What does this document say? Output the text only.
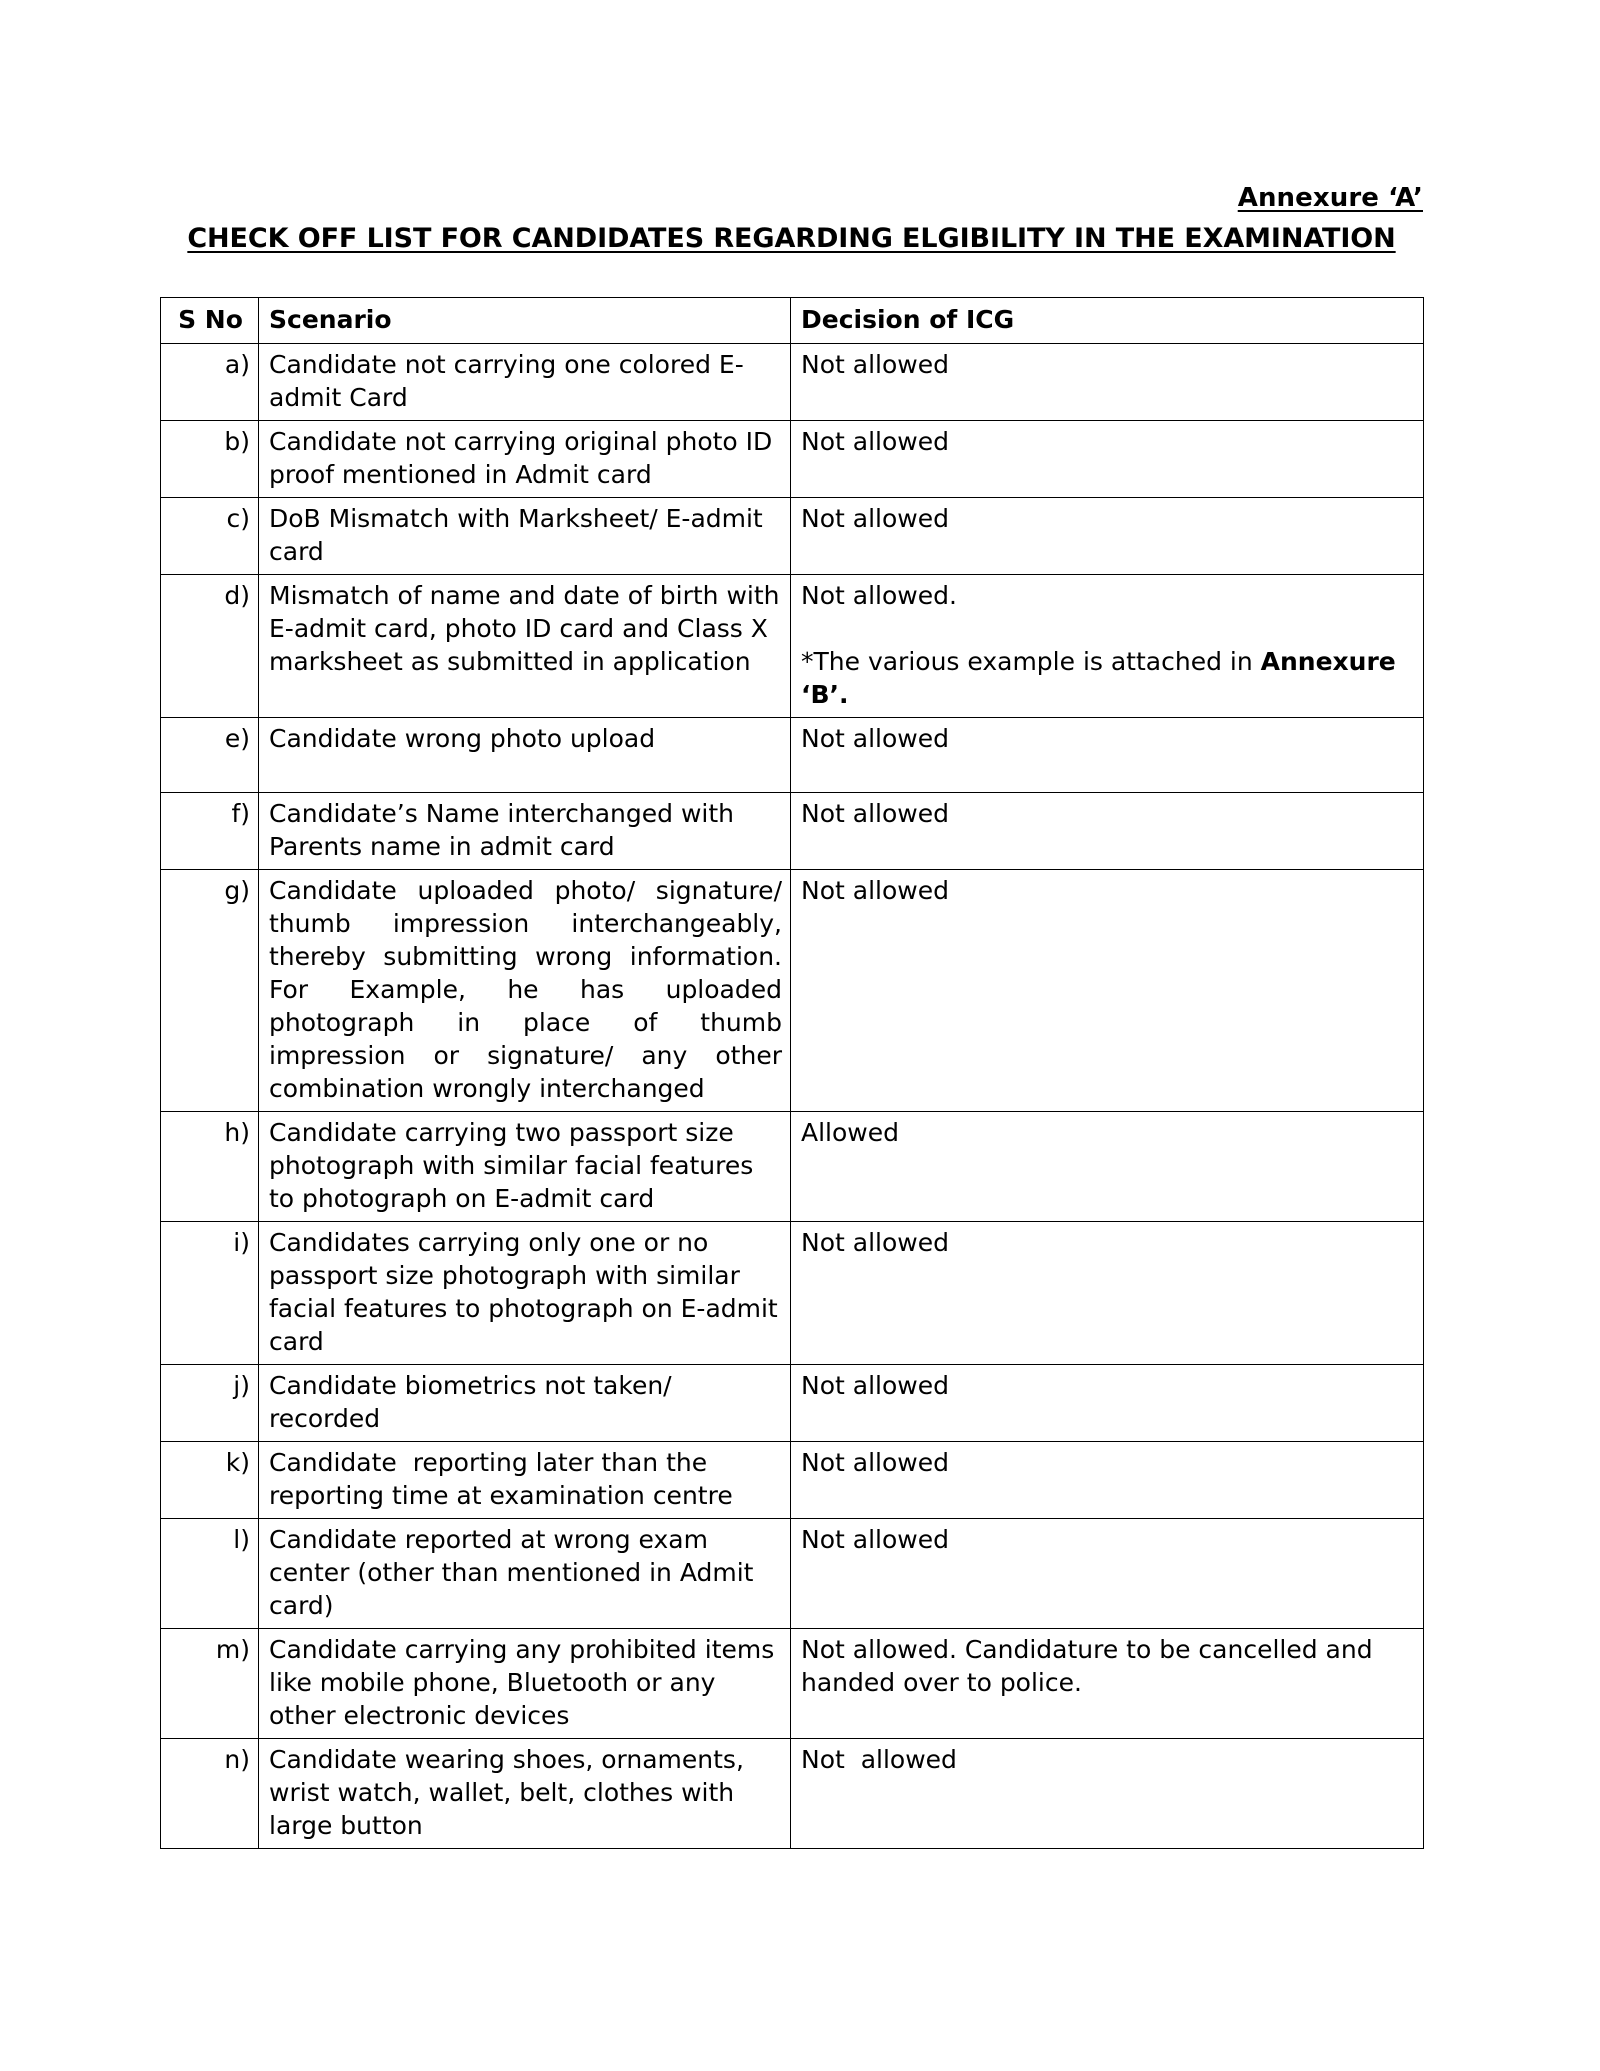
Annexure ‘A’
CHECK OFF LIST FOR CANDIDATES REGARDING ELGIBILITY IN THE EXAMINATION
S No	Scenario	Decision of ICG
a)	Candidate not carrying one colored E-admit Card	Not allowed
b)	Candidate not carrying original photo ID proof mentioned in Admit card	Not allowed
c)	DoB Mismatch with Marksheet/ E-admit card	Not allowed
d)	Mismatch of name and date of birth with E-admit card, photo ID card and Class X marksheet as submitted in application	Not allowed.
*The various example is attached in Annexure ‘B’.
e)	Candidate wrong photo upload	Not allowed
f)	Candidate’s Name interchanged with Parents name in admit card	Not allowed
g)	Candidate uploaded photo/ signature/ thumb impression interchangeably, thereby submitting wrong information. For Example, he has uploaded photograph in place of thumb impression or signature/ any other combination wrongly interchanged	Not allowed
h)	Candidate carrying two passport size photograph with similar facial features to photograph on E-admit card	Allowed
i)	Candidates carrying only one or no passport size photograph with similar facial features to photograph on E-admit card	Not allowed
j)	Candidate biometrics not taken/ recorded	Not allowed
k)	Candidate  reporting later than the reporting time at examination centre	Not allowed
l)	Candidate reported at wrong exam center (other than mentioned in Admit card)	Not allowed
m)	Candidate carrying any prohibited items like mobile phone, Bluetooth or any other electronic devices	Not allowed. Candidature to be cancelled and handed over to police.
n)	Candidate wearing shoes, ornaments, wrist watch, wallet, belt, clothes with large button	Not  allowed
